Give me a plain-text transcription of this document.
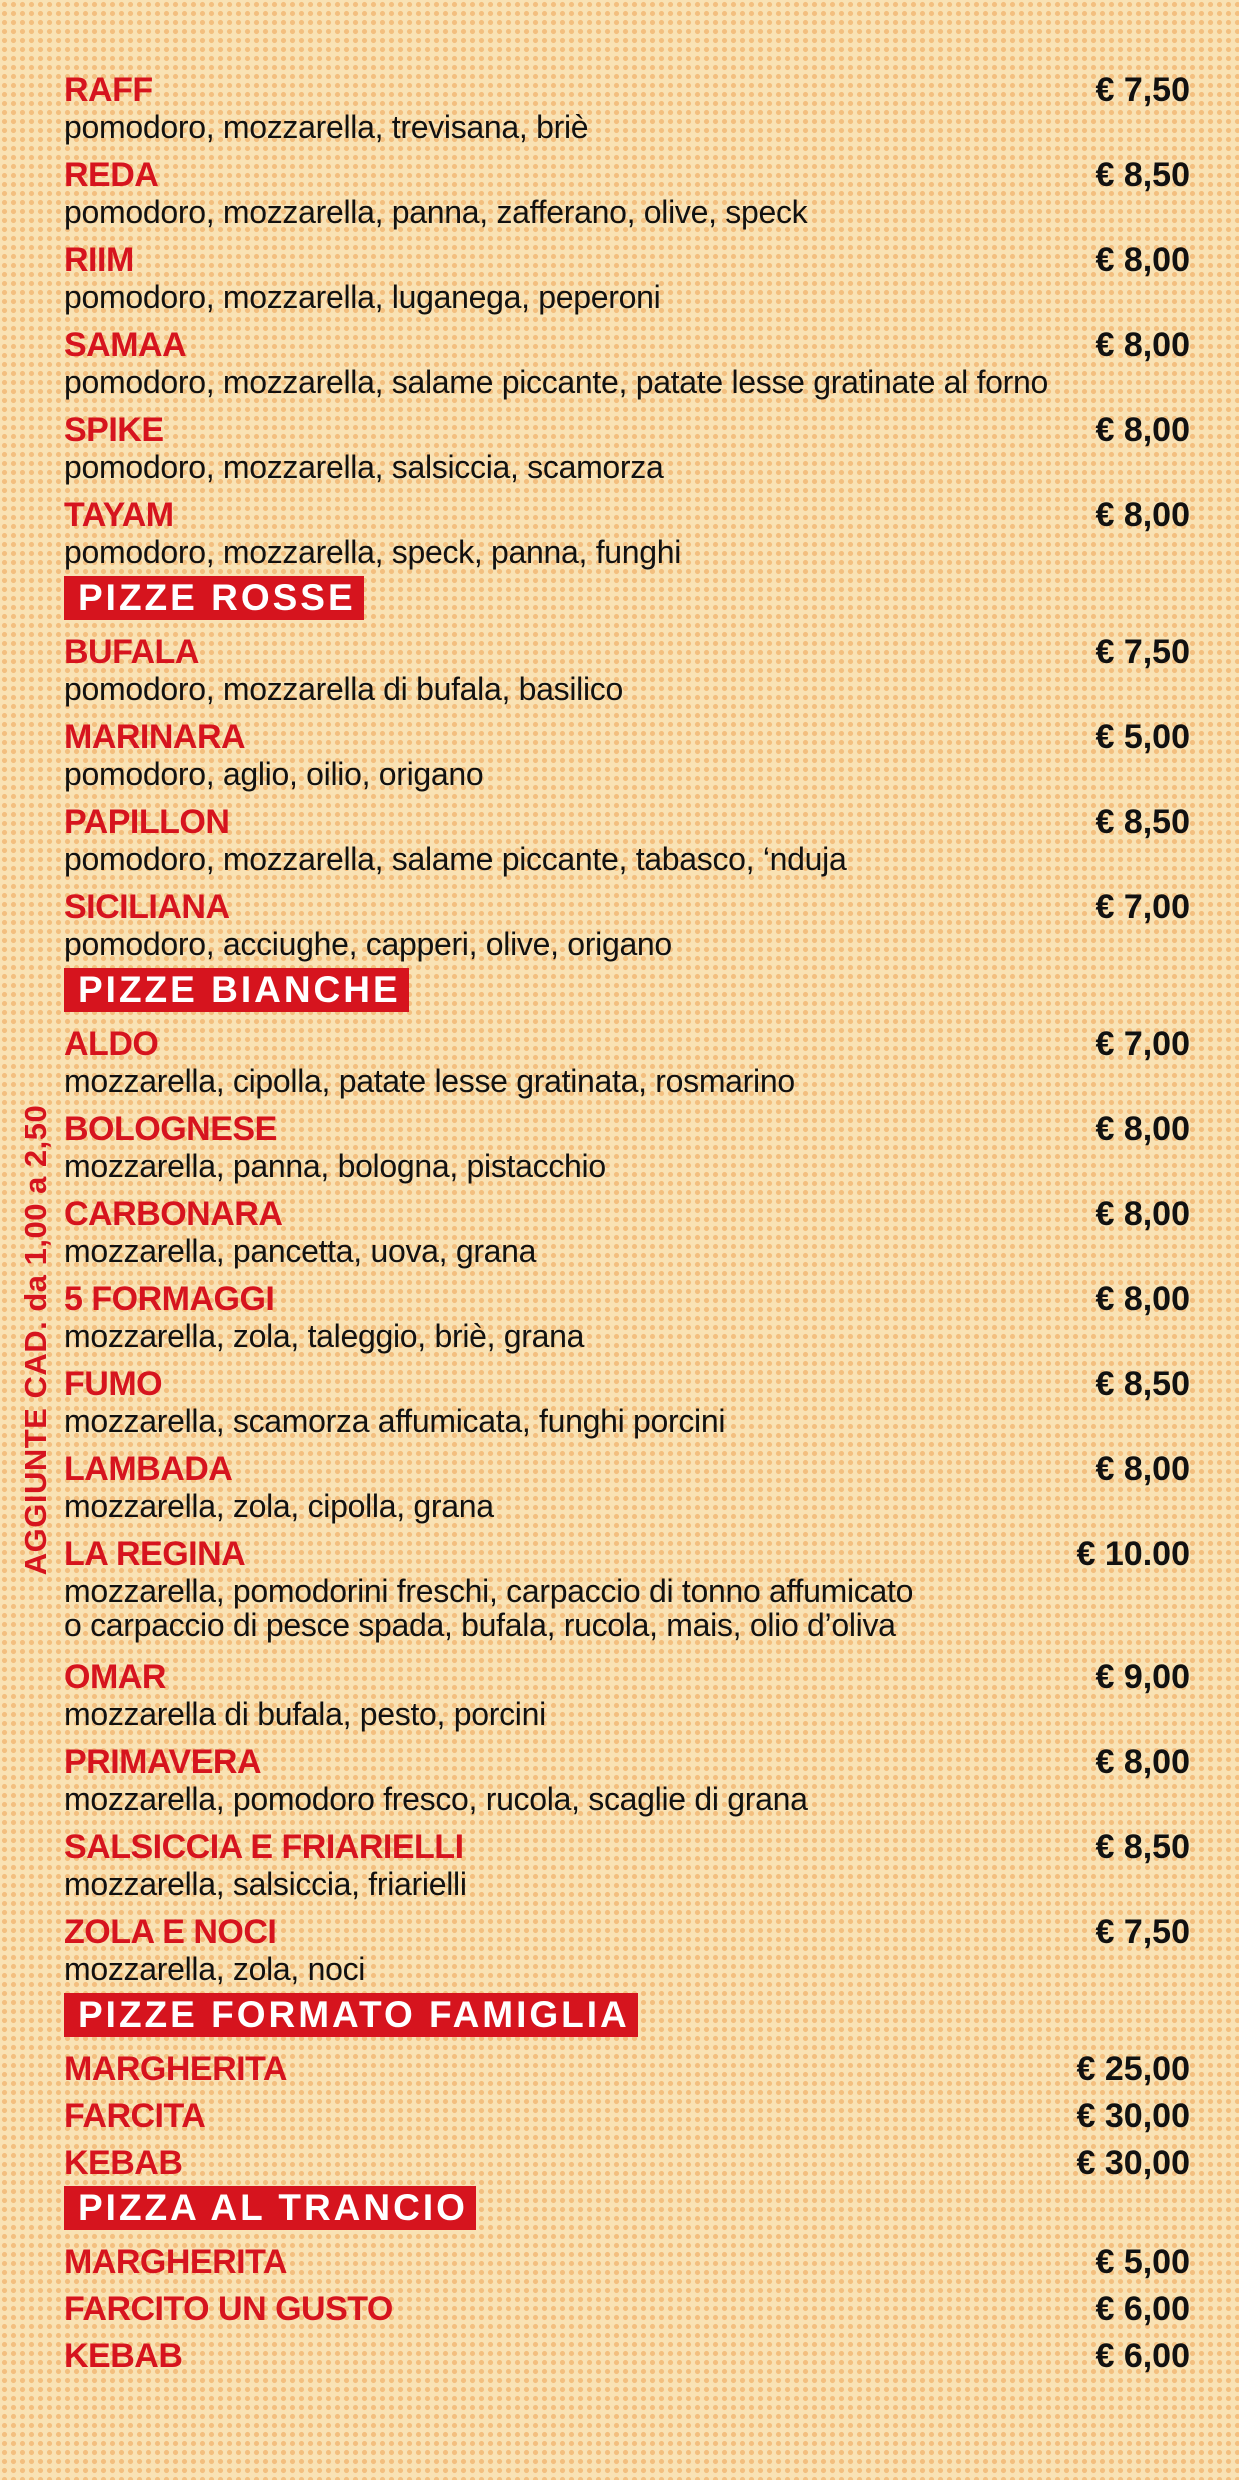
AGGIUNTE CAD. da 1,00 a 2,50
RAFF	€ 7,50
pomodoro, mozzarella, trevisana, briè
REDA	€ 8,50
pomodoro, mozzarella, panna, zafferano, olive, speck
RIIM	€ 8,00
pomodoro, mozzarella, luganega, peperoni
SAMAA	€ 8,00
pomodoro, mozzarella, salame piccante, patate lesse gratinate al forno
SPIKE	€ 8,00
pomodoro, mozzarella, salsiccia, scamorza
TAYAM	€ 8,00
pomodoro, mozzarella, speck, panna, funghi
PIZZE ROSSE
BUFALA	€ 7,50
pomodoro, mozzarella di bufala, basilico
MARINARA	€ 5,00
pomodoro, aglio, oilio, origano
PAPILLON	€ 8,50
pomodoro, mozzarella, salame piccante, tabasco, ‘nduja
SICILIANA	€ 7,00
pomodoro, acciughe, capperi, olive, origano
PIZZE BIANCHE
ALDO	€ 7,00
mozzarella, cipolla, patate lesse gratinata, rosmarino
BOLOGNESE	€ 8,00
mozzarella, panna, bologna, pistacchio
CARBONARA	€ 8,00
mozzarella, pancetta, uova, grana
5 FORMAGGI	€ 8,00
mozzarella, zola, taleggio, briè, grana
FUMO	€ 8,50
mozzarella, scamorza affumicata, funghi porcini
LAMBADA	€ 8,00
mozzarella, zola, cipolla, grana
LA REGINA	€ 10.00
mozzarella, pomodorini freschi, carpaccio di tonno affumicato
o carpaccio di pesce spada, bufala, rucola, mais, olio d’oliva
OMAR	€ 9,00
mozzarella di bufala, pesto, porcini
PRIMAVERA	€ 8,00
mozzarella, pomodoro fresco, rucola, scaglie di grana
SALSICCIA E FRIARIELLI	€ 8,50
mozzarella, salsiccia, friarielli
ZOLA E NOCI	€ 7,50
mozzarella, zola, noci
PIZZE FORMATO FAMIGLIA
MARGHERITA	€ 25,00
FARCITA	€ 30,00
KEBAB	€ 30,00
PIZZA AL TRANCIO
MARGHERITA	€ 5,00
FARCITO UN GUSTO	€ 6,00
KEBAB	€ 6,00
